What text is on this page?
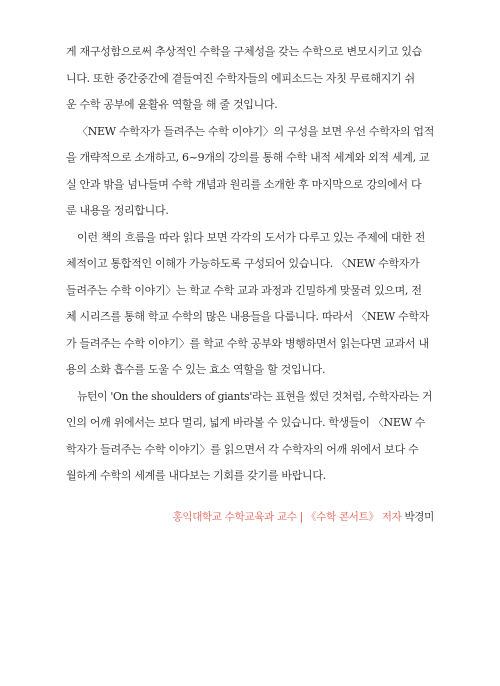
게 재구성함으로써 추상적인 수학을 구체성을 갖는 수학으로 변모시키고 있습
니다. 또한 중간중간에 곁들여진 수학자들의 에피소드는 자칫 무료해지기 쉬
운 수학 공부에 윤활유 역할을 해 줄 것입니다.
〈NEW 수학자가 들려주는 수학 이야기〉의 구성을 보면 우선 수학자의 업적
을 개략적으로 소개하고, 6~9개의 강의를 통해 수학 내적 세계와 외적 세계, 교
실 안과 밖을 넘나들며 수학 개념과 원리를 소개한 후 마지막으로 강의에서 다
룬 내용을 정리합니다.
이런 책의 흐름을 따라 읽다 보면 각각의 도서가 다루고 있는 주제에 대한 전
체적이고 통합적인 이해가 가능하도록 구성되어 있습니다. 〈NEW 수학자가
들려주는 수학 이야기〉는 학교 수학 교과 과정과 긴밀하게 맞물려 있으며, 전
체 시리즈를 통해 학교 수학의 많은 내용들을 다룹니다. 따라서 〈NEW 수학자
가 들려주는 수학 이야기〉를 학교 수학 공부와 병행하면서 읽는다면 교과서 내
용의 소화 흡수를 도울 수 있는 효소 역할을 할 것입니다.
뉴턴이 'On the shoulders of giants'라는 표현을 썼던 것처럼, 수학자라는 거
인의 어깨 위에서는 보다 멀리, 넓게 바라볼 수 있습니다. 학생들이 〈NEW 수
학자가 들려주는 수학 이야기〉를 읽으면서 각 수학자의 어깨 위에서 보다 수
월하게 수학의 세계를 내다보는 기회를 갖기를 바랍니다.
홍익대학교 수학교육과 교수 | 《수학 콘서트》 저자 박경미
